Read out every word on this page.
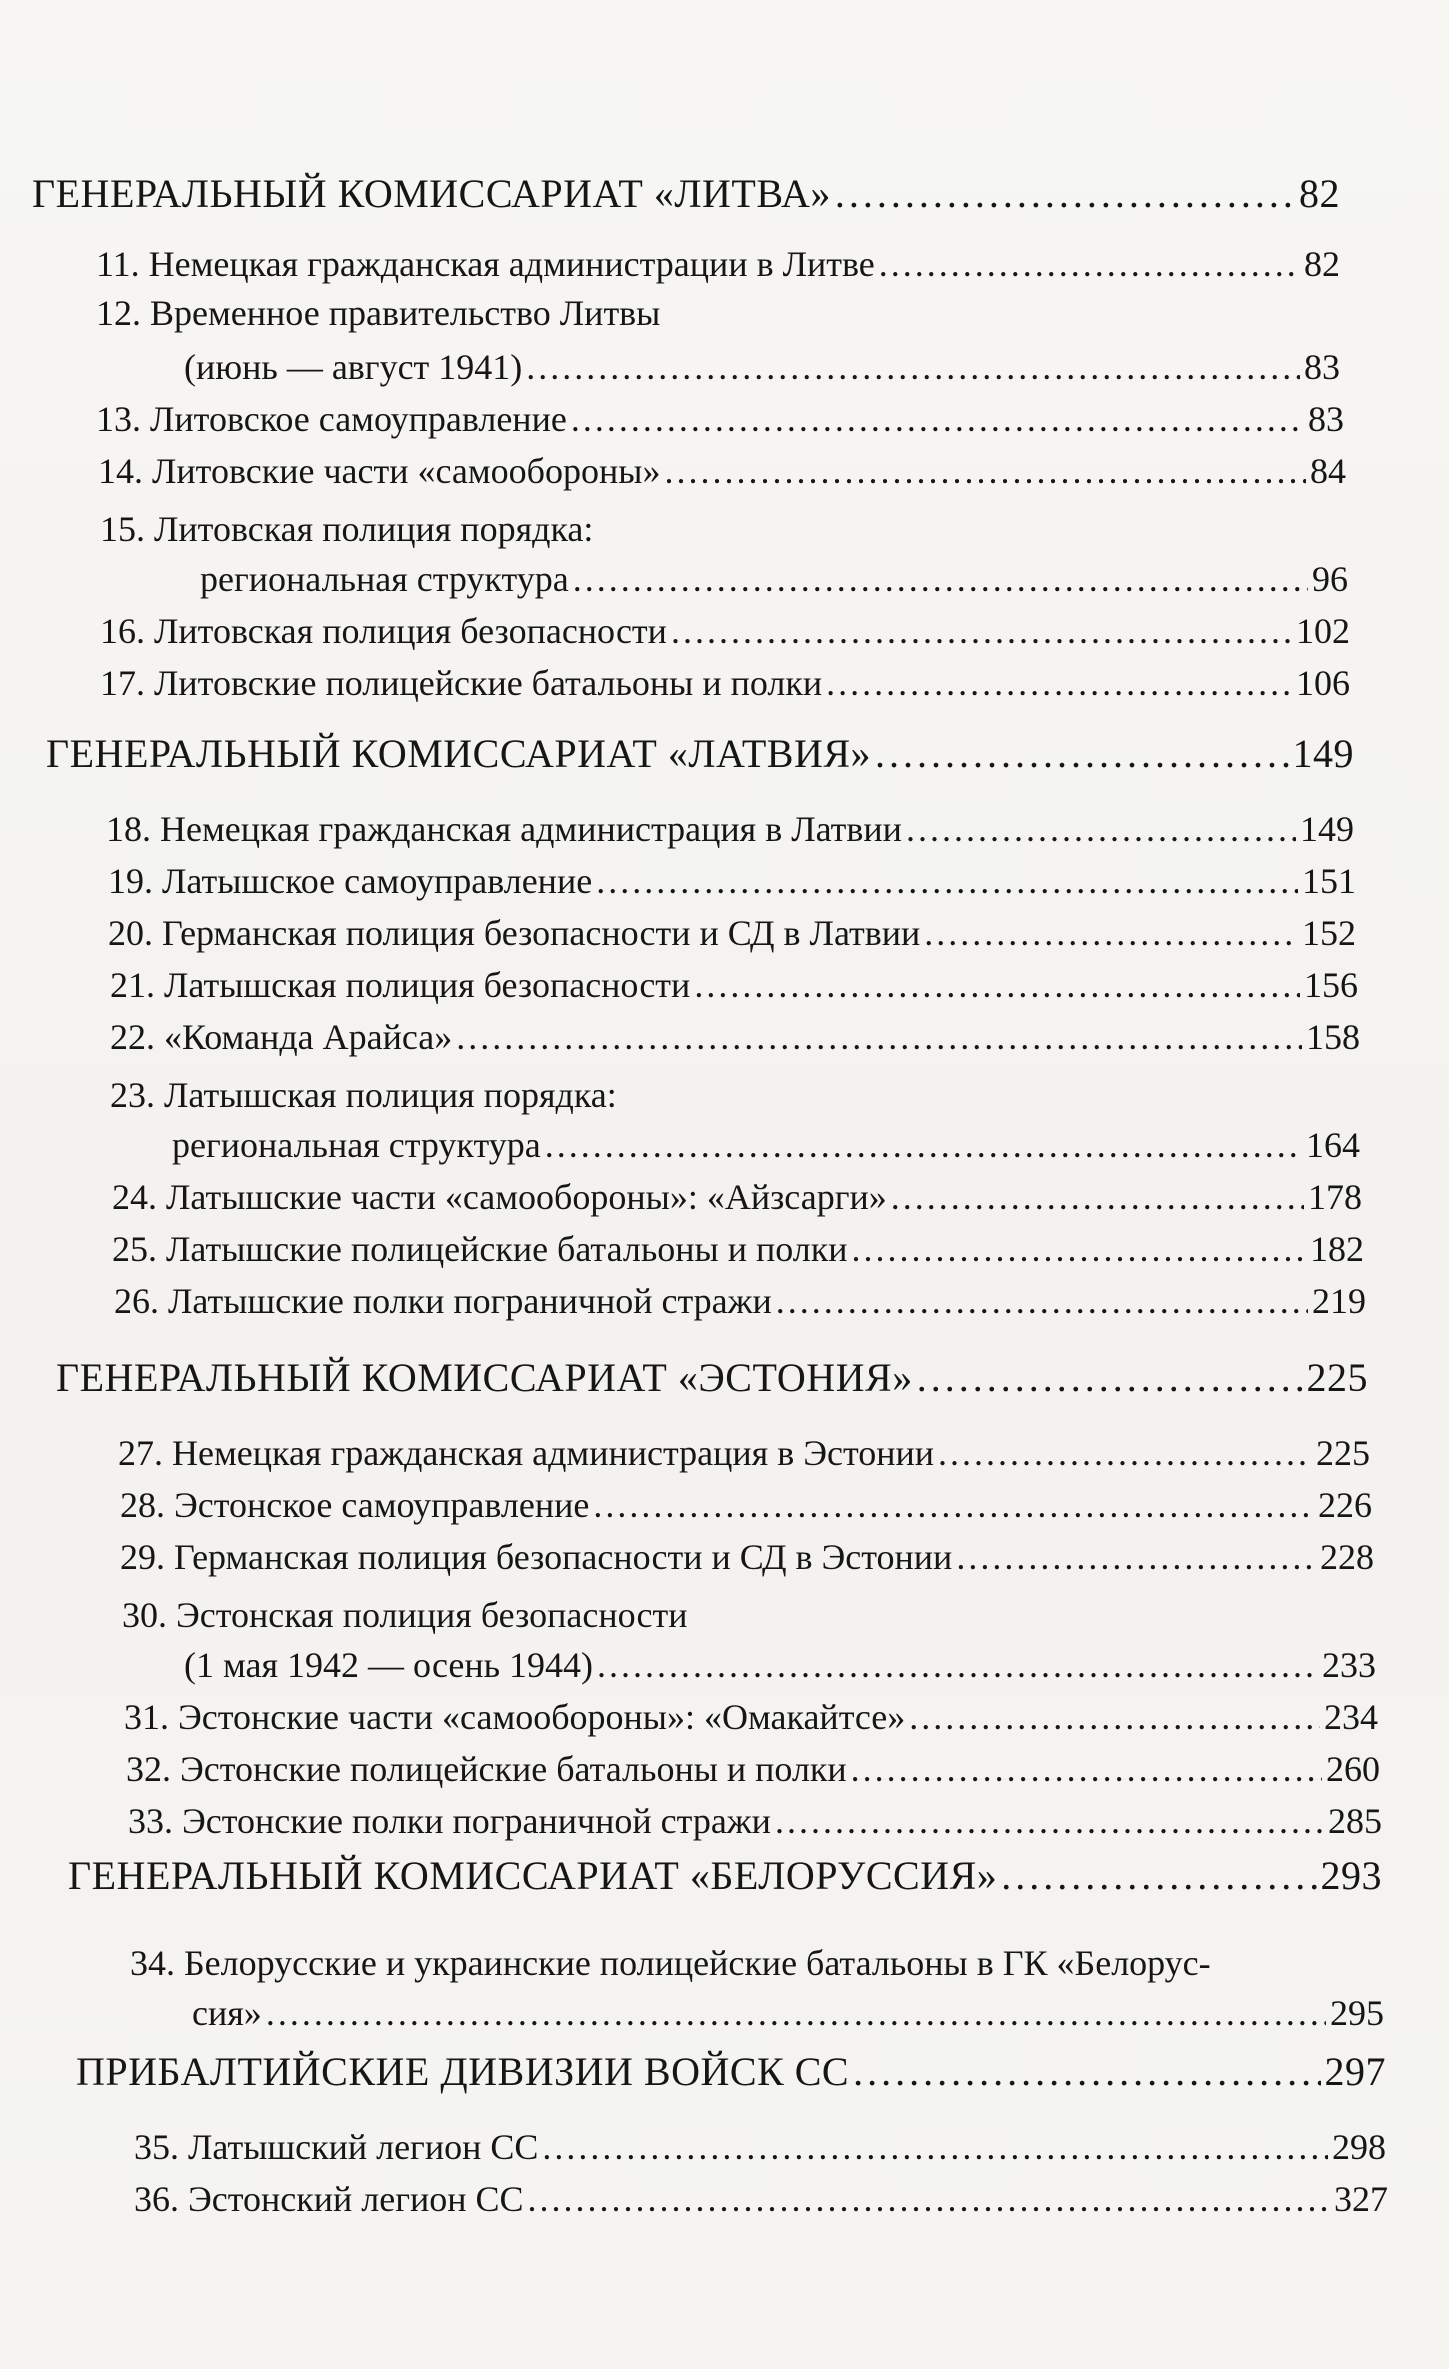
ГЕНЕРАЛЬНЫЙ КОМИССАРИАТ «ЛИТВА» . . .	82
11. Немецкая гражданская администрации в Литве . . .	82
12. Временное правительство Литвы
(июнь — август 1941) . . .	83
13. Литовское самоуправление . . .	83
14. Литовские части «самообороны» . . .	84
15. Литовская полиция порядка:
региональная структура . . .	96
16. Литовская полиция безопасности . . .	102
17. Литовские полицейские батальоны и полки . . .	106
ГЕНЕРАЛЬНЫЙ КОМИССАРИАТ «ЛАТВИЯ» . . .	149
18. Немецкая гражданская администрация в Латвии . . .	149
19. Латышское самоуправление . . .	151
20. Германская полиция безопасности и СД в Латвии . . .	152
21. Латышская полиция безопасности . . .	156
22. «Команда Арайса» . . .	158
23. Латышская полиция порядка:
региональная структура . . .	164
24. Латышские части «самообороны»: «Айзсарги» . . .	178
25. Латышские полицейские батальоны и полки . . .	182
26. Латышские полки пограничной стражи . . .	219
ГЕНЕРАЛЬНЫЙ КОМИССАРИАТ «ЭСТОНИЯ» . . .	225
27. Немецкая гражданская администрация в Эстонии . . .	225
28. Эстонское самоуправление . . .	226
29. Германская полиция безопасности и СД в Эстонии . . .	228
30. Эстонская полиция безопасности
(1 мая 1942 — осень 1944) . . .	233
31. Эстонские части «самообороны»: «Омакайтсе» . . .	234
32. Эстонские полицейские батальоны и полки . . .	260
33. Эстонские полки пограничной стражи . . .	285
ГЕНЕРАЛЬНЫЙ КОМИССАРИАТ «БЕЛОРУССИЯ» . . .	293
34. Белорусские и украинские полицейские батальоны в ГК «Белорус-
сия» . . .	295
ПРИБАЛТИЙСКИЕ ДИВИЗИИ ВОЙСК СС . . .	297
35. Латышский легион СС . . .	298
36. Эстонский легион СС . . .	327
